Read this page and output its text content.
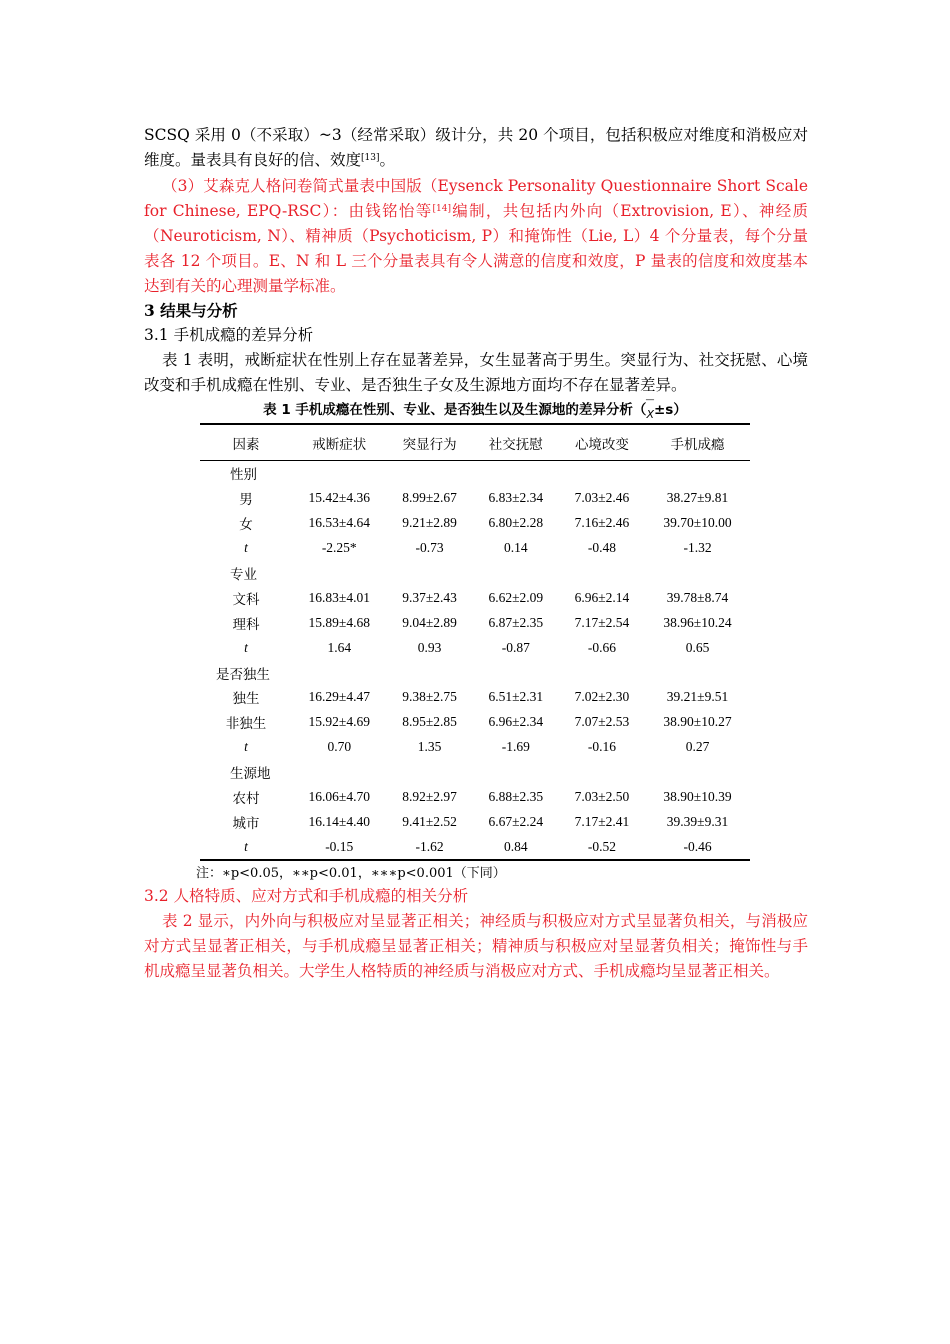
SCSQ 采用 0（不采取）~3（经常采取）级计分，共 20 个项目，包括积极应对维度和消极应对维度。量表具有良好的信、效度[13]。

（3）艾森克人格问卷简式量表中国版（Eysenck Personality Questionnaire Short Scale for Chinese, EPQ-RSC）：由钱铭怡等[14]编制，共包括内外向（Extrovision, E）、神经质（Neuroticism, N）、精神质（Psychoticism, P）和掩饰性（Lie, L）4 个分量表，每个分量表各 12 个项目。E、N 和 L 三个分量表具有令人满意的信度和效度，P 量表的信度和效度基本达到有关的心理测量学标准。

3 结果与分析
3.1 手机成瘾的差异分析

表 1 表明，戒断症状在性别上存在显著差异，女生显著高于男生。突显行为、社交抚慰、心境改变和手机成瘾在性别、专业、是否独生子女及生源地方面均不存在显著差异。

表 1 手机成瘾在性别、专业、是否独生以及生源地的差异分析（— X±s）
因素	戒断症状	突显行为	社交抚慰	心境改变	手机成瘾
性别					
男	15.42±4.36	8.99±2.67	6.83±2.34	7.03±2.46	38.27±9.81
女	16.53±4.64	9.21±2.89	6.80±2.28	7.16±2.46	39.70±10.00
t	-2.25*	-0.73	0.14	-0.48	-1.32
专业					
文科	16.83±4.01	9.37±2.43	6.62±2.09	6.96±2.14	39.78±8.74
理科	15.89±4.68	9.04±2.89	6.87±2.35	7.17±2.54	38.96±10.24
t	1.64	0.93	-0.87	-0.66	0.65
是否独生					
独生	16.29±4.47	9.38±2.75	6.51±2.31	7.02±2.30	39.21±9.51
非独生	15.92±4.69	8.95±2.85	6.96±2.34	7.07±2.53	38.90±10.27
t	0.70	1.35	-1.69	-0.16	0.27
生源地					
农村	16.06±4.70	8.92±2.97	6.88±2.35	7.03±2.50	38.90±10.39
城市	16.14±4.40	9.41±2.52	6.67±2.24	7.17±2.41	39.39±9.31
t	-0.15	-1.62	0.84	-0.52	-0.46
注：∗p<0.05，∗∗p<0.01，∗∗∗p<0.001（下同）
3.2 人格特质、应对方式和手机成瘾的相关分析

表 2 显示，内外向与积极应对呈显著正相关；神经质与积极应对方式呈显著负相关，与消极应对方式呈显著正相关，与手机成瘾呈显著正相关；精神质与积极应对呈显著负相关；掩饰性与手机成瘾呈显著负相关。大学生人格特质的神经质与消极应对方式、手机成瘾均呈显著正相关。
